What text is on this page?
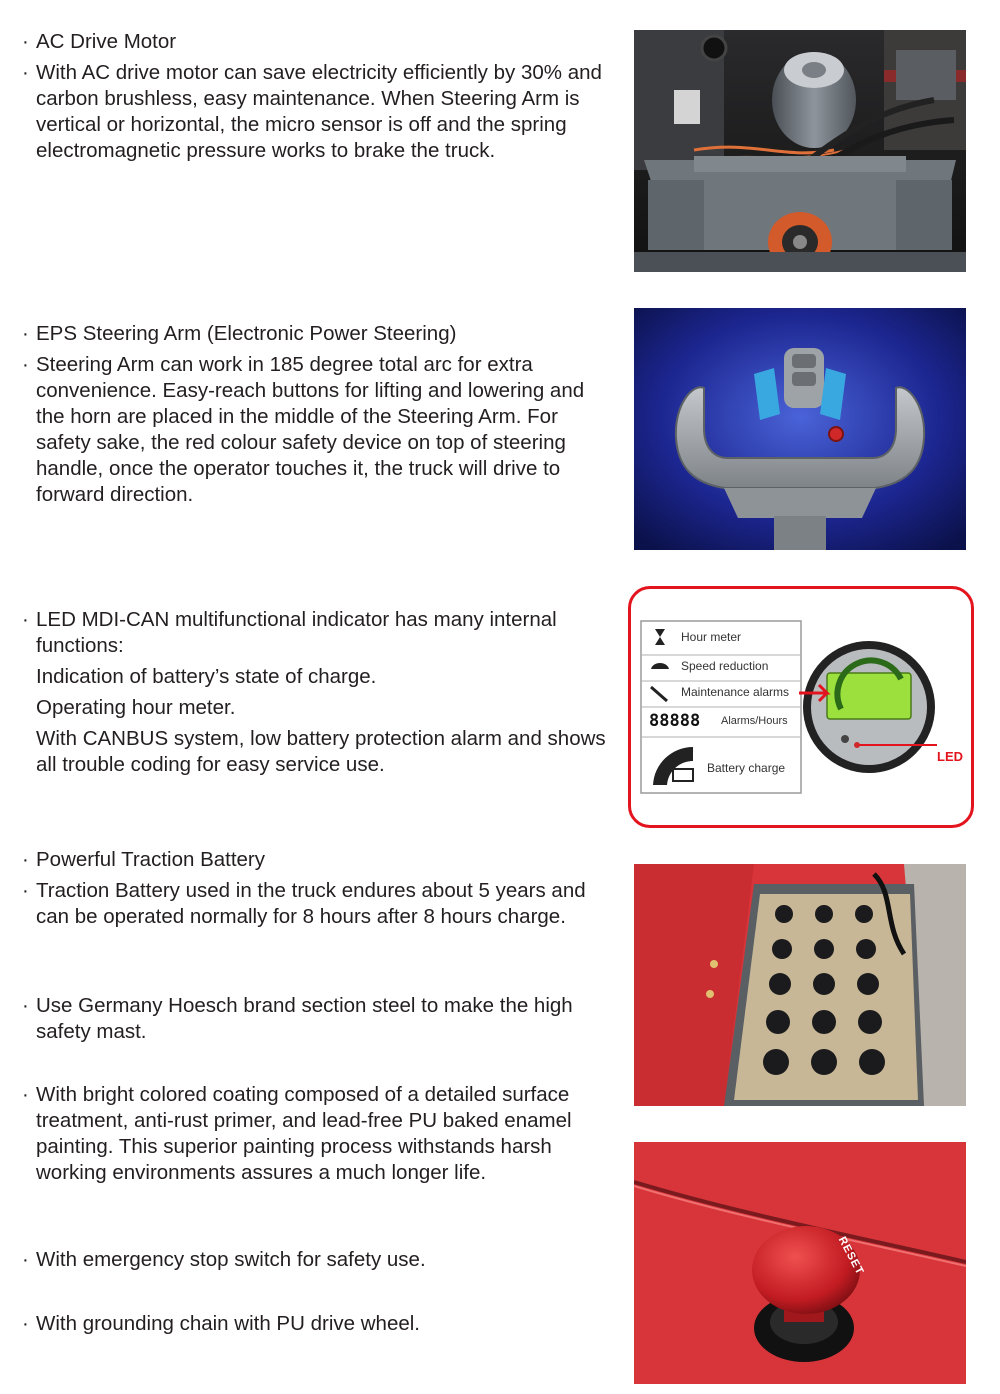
· AC Drive Motor
· With AC drive motor can save electricity efficiently by 30% and carbon brushless, easy maintenance. When Steering Arm is vertical or horizontal, the micro sensor is off and the spring electromagnetic pressure works to brake the truck.
· EPS Steering Arm (Electronic Power Steering)
· Steering Arm can work in 185 degree total arc for extra convenience. Easy-reach buttons for lifting and lowering and the horn are placed in the middle of the Steering Arm. For safety sake, the red colour safety device on top of steering handle, once the operator touches it, the truck will drive to forward direction.
· LED MDI-CAN multifunctional indicator has many internal functions:
Indication of battery’s state of charge.
Operating hour meter.
With CANBUS system, low battery protection alarm and shows all trouble coding for easy service use.
· Powerful Traction Battery
· Traction Battery used in the truck endures about 5 years and can be operated normally for 8 hours after 8 hours charge.
· Use Germany Hoesch brand section steel to make the high safety mast.
· With bright colored coating composed of a detailed surface treatment, anti-rust primer, and lead-free PU baked enamel painting. This superior painting process withstands harsh working environments assures a much longer life.
· With emergency stop switch for safety use.
· With grounding chain with PU drive wheel.
Hour meter
Speed reduction
Maintenance alarms
88888 Alarms/Hours
Battery charge
LED
RESET
